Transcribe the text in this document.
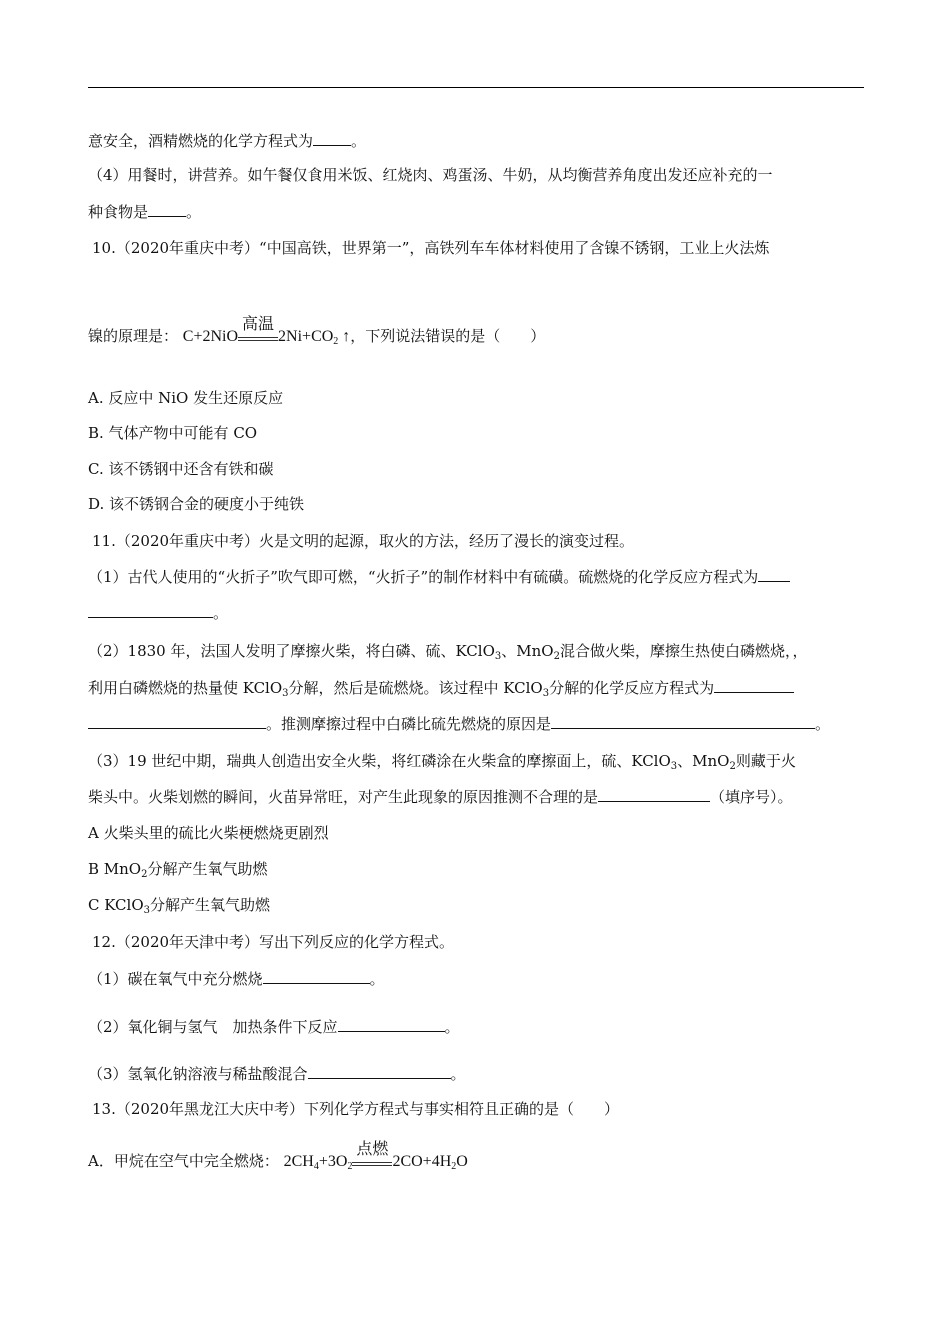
意安全，酒精燃烧的化学方程式为	。
（4）用餐时，讲营养。如午餐仅食用米饭、红烧肉、鸡蛋汤、牛奶，从均衡营养角度出发还应补充的一
种食物是	。
10.（2020年重庆中考）“中国高铁，世界第一”，高铁列车车体材料使用了含镍不锈钢，工业上火法炼
镍的原理是： C+2NiO
高温
$2Ni+CO_2$ ↑，下列说法错误的是（　　）
A. 反应中 NiO 发生还原反应
B. 气体产物中可能有 CO
C. 该不锈钢中还含有铁和碳
D. 该不锈钢合金的硬度小于纯铁
11.（2020年重庆中考）火是文明的起源，取火的方法，经历了漫长的演变过程。
（1）古代人使用的“火折子”吹气即可燃，“火折子”的制作材料中有硫磺。硫燃烧的化学反应方程式为
。
（2）1830 年，法国人发明了摩擦火柴，将白磷、硫、KClO$_3$、MnO$_2$混合做火柴，摩擦生热使白磷燃烧，，
利用白磷燃烧的热量使 KClO$_3$分解，然后是硫燃烧。该过程中 KClO$_3$分解的化学反应方程式为
。推测摩擦过程中白磷比硫先燃烧的原因是	。
（3）19 世纪中期，瑞典人创造出安全火柴，将红磷涂在火柴盒的摩擦面上，硫、KClO$_3$、MnO$_2$则藏于火
柴头中。火柴划燃的瞬间，火苗异常旺，对产生此现象的原因推测不合理的是	（填序号）。
A 火柴头里的硫比火柴梗燃烧更剧烈
B MnO$_2$分解产生氧气助燃
C KClO$_3$分解产生氧气助燃
12.（2020年天津中考）写出下列反应的化学方程式。
（1）碳在氧气中充分燃烧	。
（2）氧化铜与氢气　加热条件下反应	。
（3）氢氧化钠溶液与稀盐酸混合	。
13.（2020年黑龙江大庆中考）下列化学方程式与事实相符且正确的是（　　）
A．甲烷在空气中完全燃烧： $2CH_4+3O_2$
点燃
$2CO+4H_2O$
